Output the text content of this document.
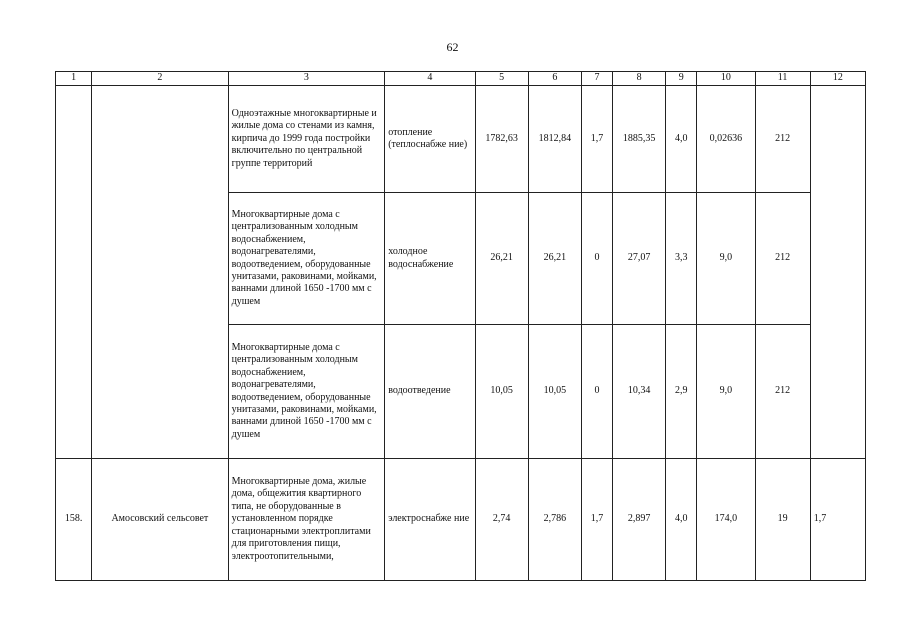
62
1	2	3	4	5	6	7	8	9	10	11	12
		Одноэтажные многоквартирные и жилые дома со стенами из камня, кирпича до 1999 года постройки включительно по центральной группе территорий	отопление (теплоснабже ние)	1782,63	1812,84	1,7	1885,35	4,0	0,02636	212	
		Многоквартирные дома с централизованным холодным водоснабжением, водонагревателями, водоотведением, оборудованные унитазами, раковинами, мойками, ваннами длиной 1650 -1700 мм с душем	холодное водоснабжение	26,21	26,21	0	27,07	3,3	9,0	212	
		Многоквартирные дома с централизованным холодным водоснабжением, водонагревателями, водоотведением, оборудованные унитазами, раковинами, мойками, ваннами длиной 1650 -1700 мм с душем	водоотведение	10,05	10,05	0	10,34	2,9	9,0	212	
158.	Амосовский сельсовет	Многоквартирные дома, жилые дома, общежития квартирного типа, не оборудованные в установленном порядке стационарными электроплитами для приготовления пищи, электроотопительными,	электроснабже ние	2,74	2,786	1,7	2,897	4,0	174,0	19	1,7
